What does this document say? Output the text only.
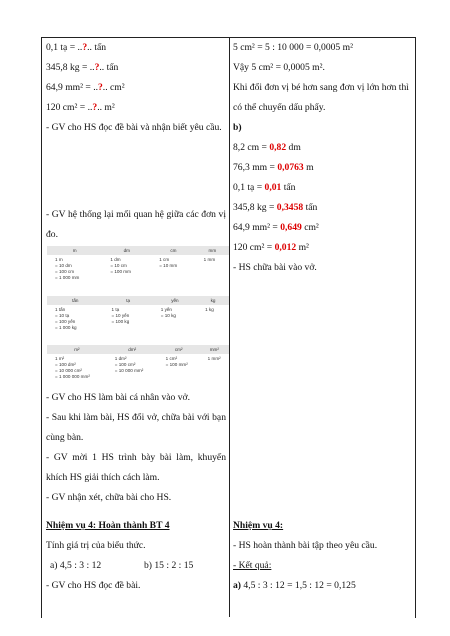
0,1 tạ = ..?.. tấn
345,8 kg = ..?.. tấn
64,9 mm² = ..?.. cm²
120 cm² = ..?.. m²
- GV cho HS đọc đề bài và nhận biết yêu cầu.
- GV hệ thống lại mối quan hệ giữa các đơn vị đo.
m	dm	cm	mm
1 m
= 10 dm
= 100 cm
= 1 000 mm	1 dm
= 10 cm
= 100 mm	1 cm
= 10 mm	1 mm
tấn	tạ	yến	kg
1 tấn
= 10 tạ
= 100 yến
= 1 000 kg	1 tạ
= 10 yến
= 100 kg	1 yến
= 10 kg	1 kg
m²	dm²	cm²	mm²
1 m²
= 100 dm²
= 10 000 cm²
= 1 000 000 mm²	1 dm²
= 100 cm²
= 10 000 mm²	1 cm²
= 100 mm²	1 mm²
- GV cho HS làm bài cá nhân vào vở.
- Sau khi làm bài, HS đổi vở, chữa bài với bạn cùng bàn.
- GV mời 1 HS trình bày bài làm, khuyến khích HS giải thích cách làm.
- GV nhận xét, chữa bài cho HS.
Nhiệm vụ 4: Hoàn thành BT 4
Tính giá trị của biểu thức.
a) 4,5 : 3 : 12	b) 15 : 2 : 15
- GV cho HS đọc đề bài.
5 cm² = 5 : 10 000 = 0,0005 m²
Vậy 5 cm² = 0,0005 m².
Khi đổi đơn vị bé hơn sang đơn vị lớn hơn thì có thể chuyển dấu phẩy.
b)
8,2 cm = 0,82 dm
76,3 mm = 0,0763 m
0,1 tạ = 0,01 tấn
345,8 kg = 0,3458 tấn
64,9 mm² = 0,649 cm²
120 cm² = 0,012 m²
- HS chữa bài vào vở.
Nhiệm vụ 4:
- HS hoàn thành bài tập theo yêu cầu.
- Kết quả:
a) 4,5 : 3 : 12 = 1,5 : 12 = 0,125
